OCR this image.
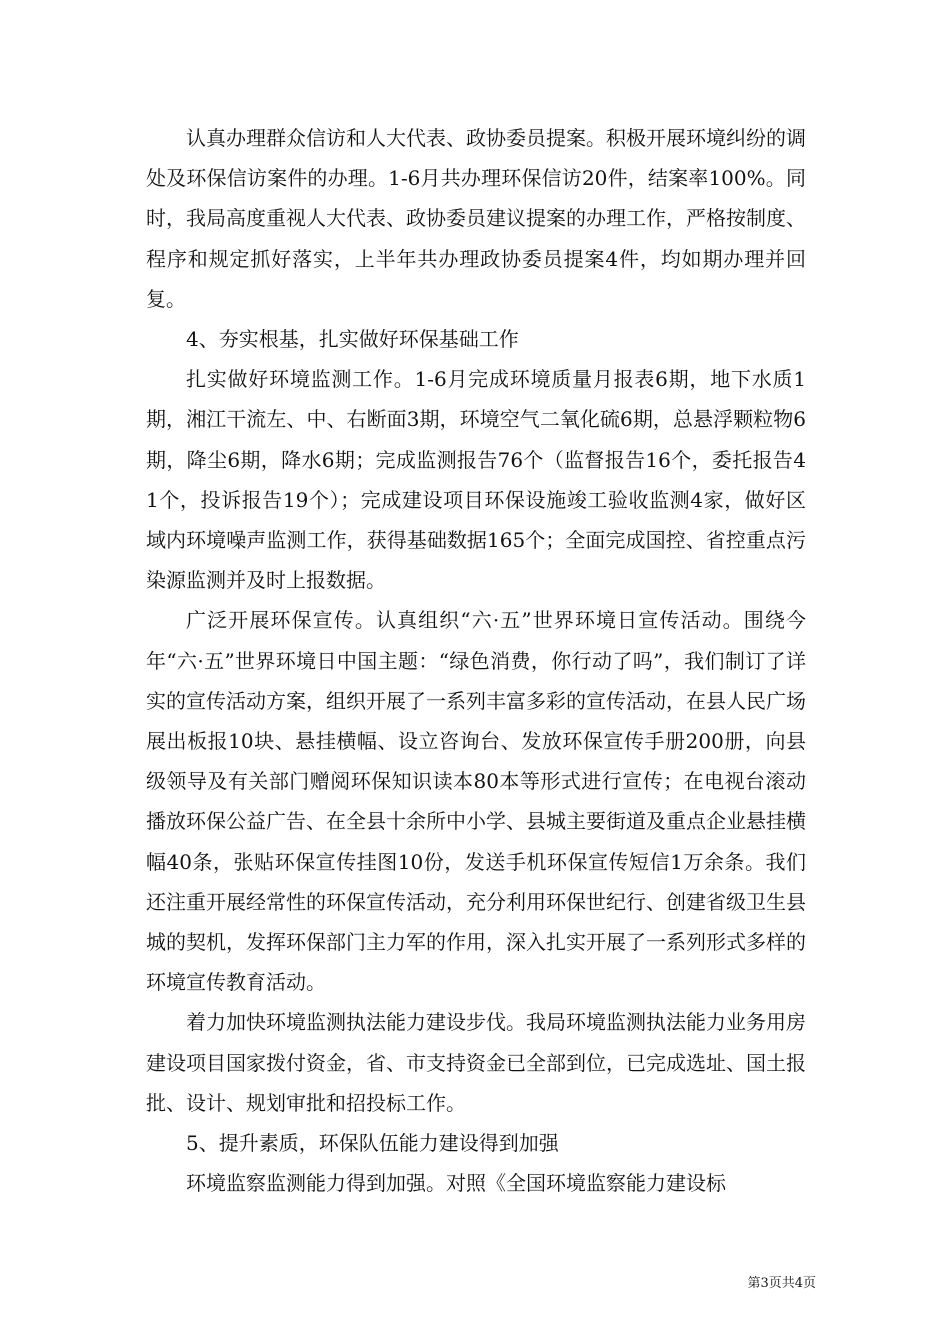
认真办理群众信访和人大代表、政协委员提案。积极开展环境纠纷的调处及环保信访案件的办理。1-6月共办理环保信访20件，结案率100%。同时，我局高度重视人大代表、政协委员建议提案的办理工作，严格按制度、程序和规定抓好落实，上半年共办理政协委员提案4件，均如期办理并回复。

4、夯实根基，扎实做好环保基础工作

扎实做好环境监测工作。1-6月完成环境质量月报表6期，地下水质1期，湘江干流左、中、右断面3期，环境空气二氧化硫6期，总悬浮颗粒物6期，降尘6期，降水6期；完成监测报告76个（监督报告16个，委托报告41个，投诉报告19个）；完成建设项目环保设施竣工验收监测4家，做好区域内环境噪声监测工作，获得基础数据165个；全面完成国控、省控重点污染源监测并及时上报数据。

广泛开展环保宣传。认真组织“六·五”世界环境日宣传活动。围绕今年“六·五”世界环境日中国主题：“绿色消费，你行动了吗”，我们制订了详实的宣传活动方案，组织开展了一系列丰富多彩的宣传活动，在县人民广场展出板报10块、悬挂横幅、设立咨询台、发放环保宣传手册200册，向县级领导及有关部门赠阅环保知识读本80本等形式进行宣传；在电视台滚动播放环保公益广告、在全县十余所中小学、县城主要街道及重点企业悬挂横幅40条，张贴环保宣传挂图10份，发送手机环保宣传短信1万余条。我们还注重开展经常性的环保宣传活动，充分利用环保世纪行、创建省级卫生县城的契机，发挥环保部门主力军的作用，深入扎实开展了一系列形式多样的环境宣传教育活动。

着力加快环境监测执法能力建设步伐。我局环境监测执法能力业务用房建设项目国家拨付资金，省、市支持资金已全部到位，已完成选址、国土报批、设计、规划审批和招投标工作。

5、提升素质，环保队伍能力建设得到加强

环境监察监测能力得到加强。对照《全国环境监察能力建设标

第3页共4页
